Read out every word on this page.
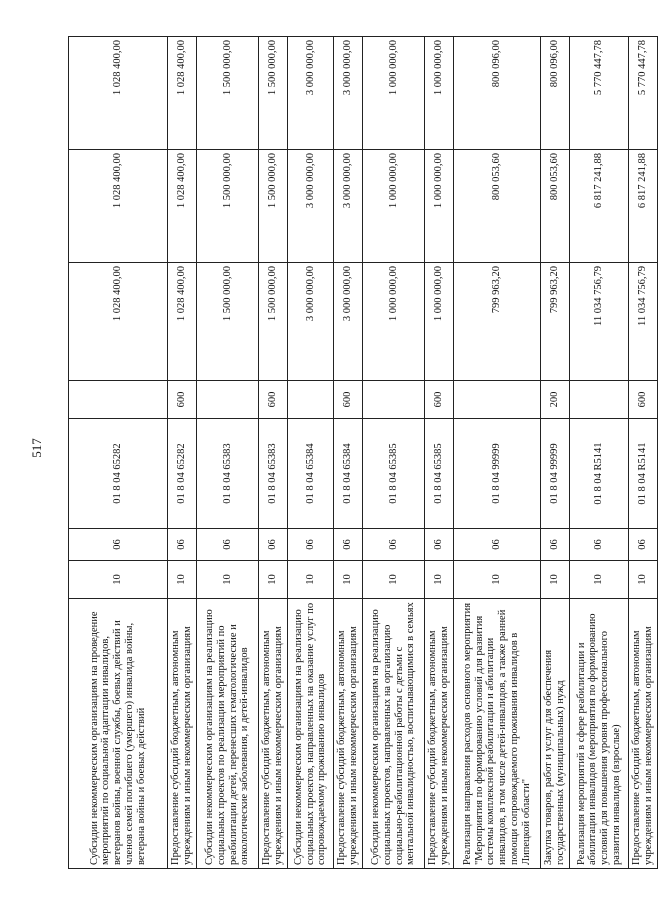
517
Субсидии некоммерческим организациям на проведение мероприятий по социальной адаптации инвалидов, ветеранов войны, военной службы, боевых действий и членов семей погибшего (умершего) инвалида войны, ветерана войны и боевых действий	10	06	01 8 04 65282		1 028 400,00	1 028 400,00	1 028 400,00
Предоставление субсидий бюджетным, автономным учреждениям и иным некоммерческим организациям	10	06	01 8 04 65282	600	1 028 400,00	1 028 400,00	1 028 400,00
Субсидии некоммерческим организациям на реализацию социальных проектов по реализации мероприятий по реабилитации детей, перенесших гематологические и онкологические заболевания, и детей-инвалидов	10	06	01 8 04 65383		1 500 000,00	1 500 000,00	1 500 000,00
Предоставление субсидий бюджетным, автономным учреждениям и иным некоммерческим организациям	10	06	01 8 04 65383	600	1 500 000,00	1 500 000,00	1 500 000,00
Субсидии некоммерческим организациям на реализацию социальных проектов, направленных на оказание услуг по сопровождаемому проживанию инвалидов	10	06	01 8 04 65384		3 000 000,00	3 000 000,00	3 000 000,00
Предоставление субсидий бюджетным, автономным учреждениям и иным некоммерческим организациям	10	06	01 8 04 65384	600	3 000 000,00	3 000 000,00	3 000 000,00
Субсидии некоммерческим организациям на реализацию социальных проектов, направленных на организацию социально-реабилитационной работы с детьми с ментальной инвалидностью, воспитывающимися в семьях	10	06	01 8 04 65385		1 000 000,00	1 000 000,00	1 000 000,00
Предоставление субсидий бюджетным, автономным учреждениям и иным некоммерческим организациям	10	06	01 8 04 65385	600	1 000 000,00	1 000 000,00	1 000 000,00
Реализация направления расходов основного мероприятия "Мероприятия по формированию условий для развития системы комплексной реабилитации и абилитации инвалидов, в том числе детей-инвалидов, а также ранней помощи сопровождаемого проживания инвалидов в Липецкой области"	10	06	01 8 04 99999		799 963,20	800 053,60	800 096,00
Закупка товаров, работ и услуг для обеспечения государственных (муниципальных) нужд	10	06	01 8 04 99999	200	799 963,20	800 053,60	800 096,00
Реализация мероприятий в сфере реабилитации и абилитации инвалидов (мероприятия по формированию условий для повышения уровня профессионального развития инвалидов (взрослые)	10	06	01 8 04 R5141		11 034 756,79	6 817 241,88	5 770 447,78
Предоставление субсидий бюджетным, автономным учреждениям и иным некоммерческим организациям	10	06	01 8 04 R5141	600	11 034 756,79	6 817 241,88	5 770 447,78
